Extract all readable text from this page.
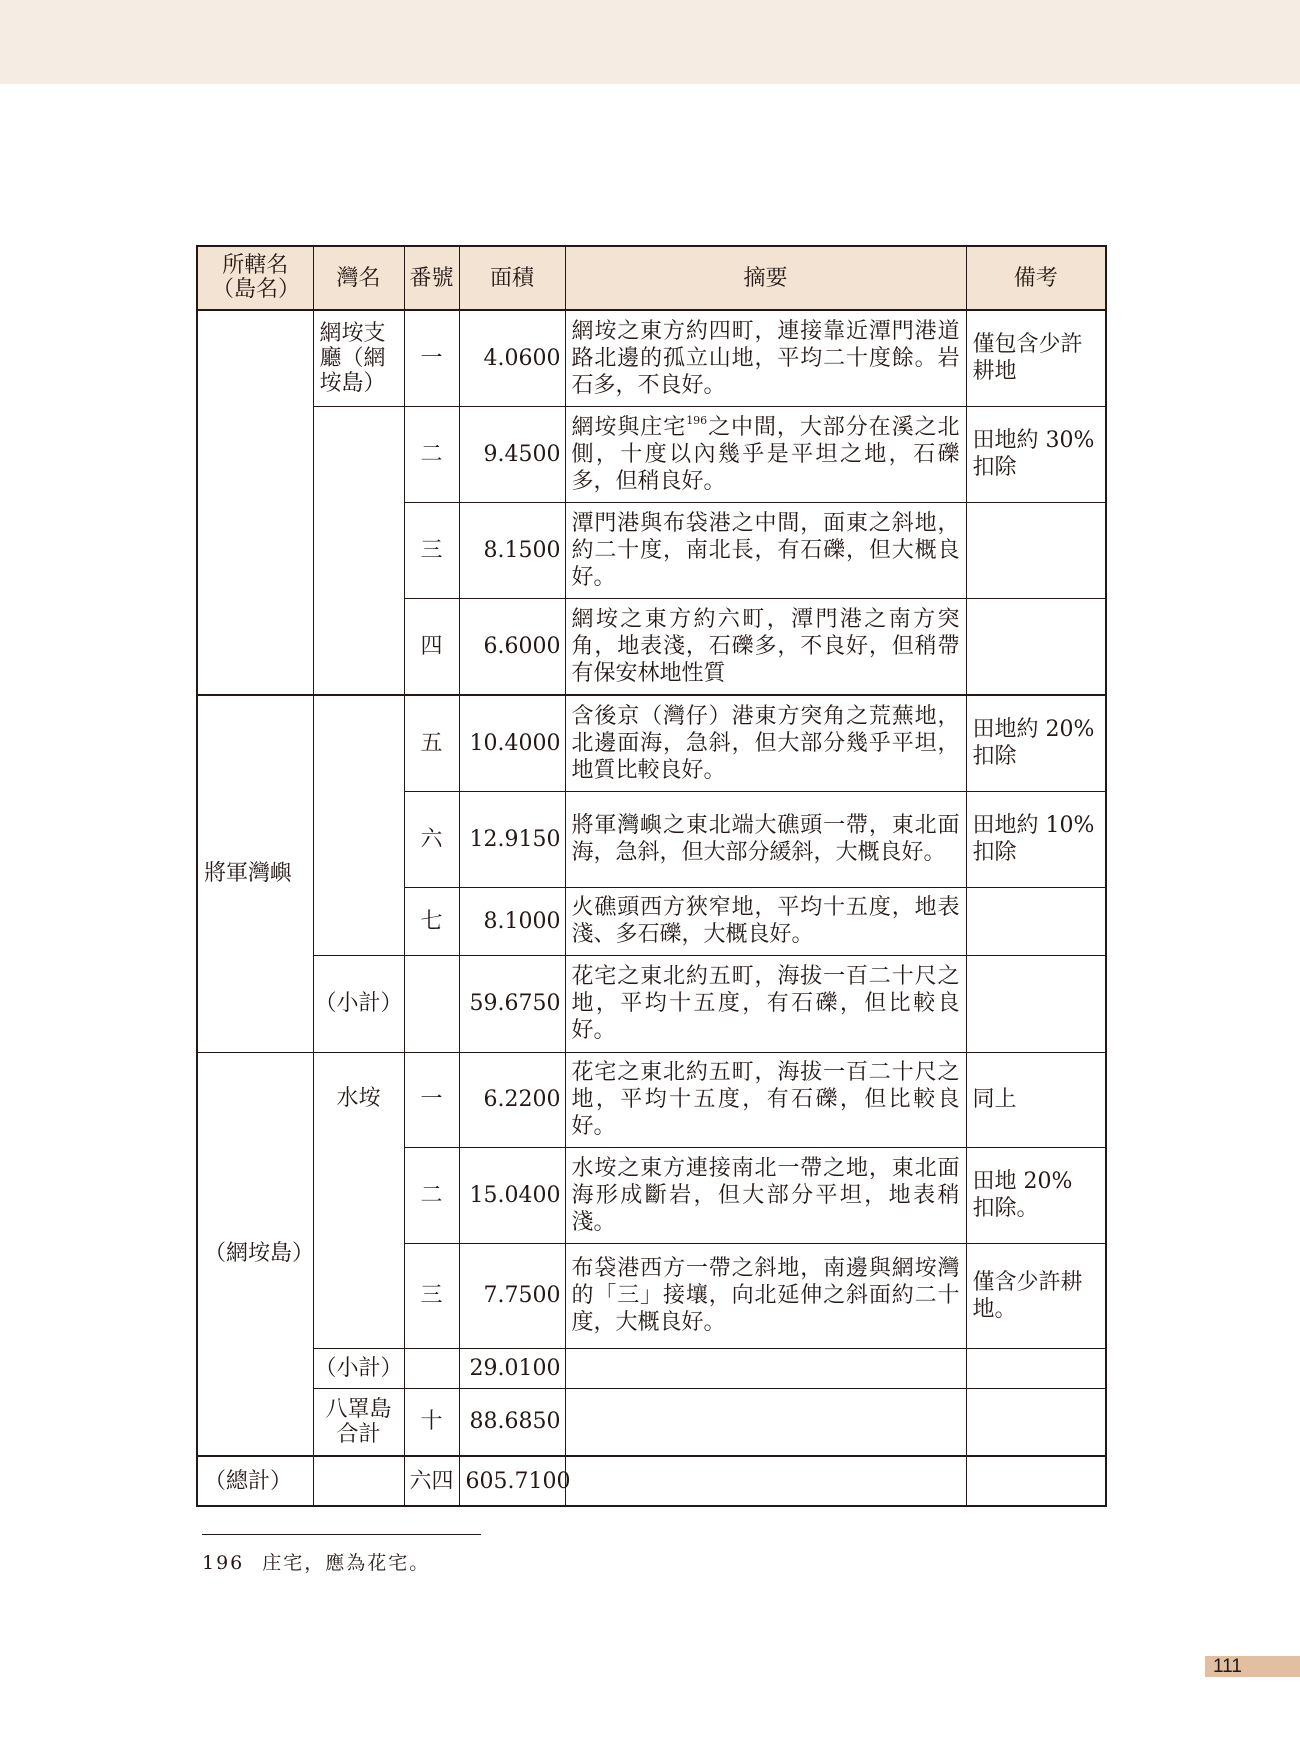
所轄名（島名）	灣名	番號	面積	摘要	備考
	網垵支廳（網垵島）	一	4.0600	網垵之東方約四町，連接靠近潭門港道路北邊的孤立山地，平均二十度餘。岩石多，不良好。	僅包含少許耕地
		二	9.4500	網垵與庄宅$^{196}$之中間，大部分在溪之北側，十度以內幾乎是平坦之地，石礫多，但稍良好。	田地約 30% 扣除
		三	8.1500	潭門港與布袋港之中間，面東之斜地，約二十度，南北長，有石礫，但大概良好。	
		四	6.6000	網垵之東方約六町，潭門港之南方突角，地表淺，石礫多，不良好，但稍帶有保安林地性質	
將軍灣嶼		五	10.4000	含後京（灣仔）港東方突角之荒蕪地，北邊面海，急斜，但大部分幾乎平坦，地質比較良好。	田地約 20% 扣除
		六	12.9150	將軍灣嶼之東北端大礁頭一帶，東北面海，急斜，但大部分緩斜，大概良好。	田地約 10% 扣除
		七	8.1000	火礁頭西方狹窄地，平均十五度，地表淺、多石礫，大概良好。	
	（小計）		59.6750	花宅之東北約五町，海拔一百二十尺之地，平均十五度，有石礫，但比較良好。	
（網垵島）	水垵	一	6.2200	花宅之東北約五町，海拔一百二十尺之地，平均十五度，有石礫，但比較良好。	同上
		二	15.0400	水垵之東方連接南北一帶之地，東北面海形成斷岩，但大部分平坦，地表稍淺。	田地 20% 扣除。
		三	7.7500	布袋港西方一帶之斜地，南邊與網垵灣的「三」接壤，向北延伸之斜面約二十度，大概良好。	僅含少許耕地。
	（小計）		29.0100		
	八罩島合計	十	88.6850		
（總計）		六四	605.7100		
196 庄宅，應為花宅。
111
